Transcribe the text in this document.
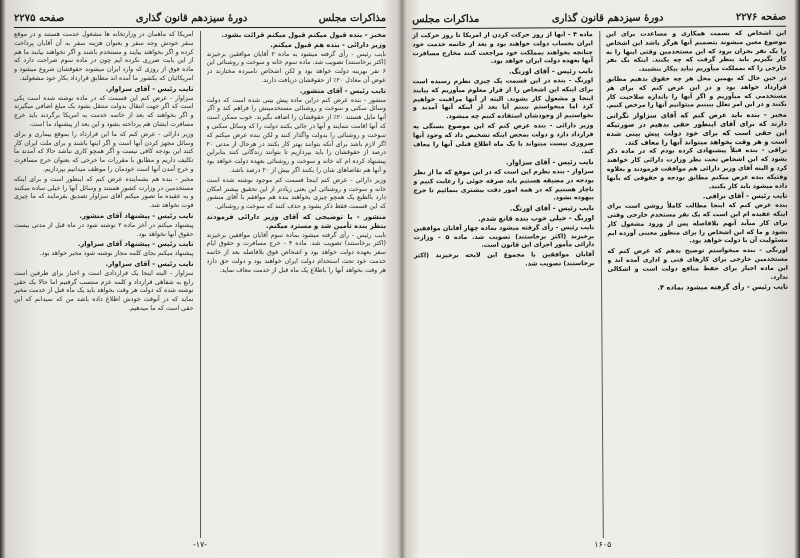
مذاکرات مجلس
دورهٔ سیزدهم قانون گذاری
صفحه ۲۲۷۵

مخبر - بنده قبول میکنم قبول میکنم قرائت بشود.

وزیر دارائی - بنده هم قبول میکنم.

نایب رئیس - رأی گرفته میشود به ماده ۲ آقایان موافقین برخیزند (اکثر برخاستند) تصویب شد. ماده سوم خانه و سوخت و روشنائی این ۶ نفر بهزینه دولت خواهد بود و لکن اشخاص نامبرده مختارند در عوض آن معادل ۲۰٪ از حقوقشان دریافت دارند.

نایب رئیس - آقای منشور.

منشور - بنده عرض کنم دراین ماده پیش بینی شده است که دولت وسائل سکنی و سوخت و روشنائی مستخدمینش را فراهم کند و اگر آنها مایل هستند ۲۰٪ از حقوقشان را اضافه بگیرند. خوب ممکن است که آنها اقامت ننمایند و آنها در جائی بکنند دولت را که وسائل سکنی و سوخت و روشنائی را بدولت واگذار کنند و لکن بنده عرض میکنم که اگر لازم باشد برای آنکه بتوانند بهتر کار بکنند در هرحال از مدتی ۲۰ درصد از حقوقشان را باید بپردازیم تا بتوانند زندگانی کنند بنابراین پیشنهاد کرده ام که خانه و سوخت و روشنائی بعهده دولت خواهد بود و آنها هم تقاضاهای شان را بکنند اگر بیش از ۲۰ درصد باشد.

وزیر دارائی - عرض کنم اینجا قسمت کم موجود نوشته شده است خانه و سوخت و روشنائی این بعنی زیادتر از این تحقیق بیشتر امکان دارد بالطبع یک همچو چیزی بخواهند بنده هم موافقم با آقای منشور که این قسمت فقط ذکر بشود و حذف کنند که سوخت و روشنائی.

منشور - با توضیحی که آقای وزیر دارائی فرمودند بنظر بنده تأمین شد و مسترد میکنم.

نایب رئیس - رأی گرفته میشود بماده سوم آقایان موافقین برخیزند (اکثر برخاستند) تصویب شد. ماده ۴ - خرج مسافرت و حقوق ایام سفر بعهده دولت خواهد بود و اشخاص فوق بلافاصله بعد از خاتمه خدمت خود تحت استخدام دولت ایران خواهند بود و دولت حق دارد هر وقت بخواهد آنها را باطلاع یک ماه قبل از خدمت معاف نماید.

امریکا که ماهمان در وزارتخانه ها مشغول خدمت هستند و در موقع سفر خودش وجه سفر و بعنوان هزینه سفر به آن آقایان پرداخت کرده و اگر بخواهند بیایند و مستخدم باشند و اگر نخواهند بیایند ما هم از این بابت ضرری نکرده ایم چون در ماده سوم صراحت دارد که ماده فوق از روزی که وارد ایران میشوند حقوقشان شروع میشود و امریکائیان که بکشور ما آمده اند مطابق قرارداد بکار خود مشغولند.

نایب رئیس - آقای سزاوار.

سزاوار - عرض کنم این قسمت که در ماده نوشته شده است یکی است که اگر جهت انتقال بدولت منتقل بشود یک مبلغ اضافی میگیرند و اگر بخواهند که بعد از خاتمه خدمت به امریکا برگردند باید خرج مسافرت ایشان هم پرداخته بشود و این بعد از پیشنهاد ما است.

وزیر دارائی - عرض کنم که ما این قرارداد را بموقع بیماری و برای وسائل مجهز کردن آنها است و اگر اینها باشند و برای ملت ایران کار کنند این بودجه کافی نیست و اگر همچو کاری نباشد حالا که آمدند ما تکلیف داریم و مطابق با مقررات ما خرجی که بعنوان خرج مسافرت و خرج آمدن آنها است خودمان را موظف میدانیم بپردازیم.

مخبر - بنده هم بشماینده عرض کنم که اینطور است و برای اینکه مستخدمین در وزارت کشور هستند و وسائل آنها را خیلی ساده میکنند و به عقیده ما تصور میکنم آقای سزاوار تصدیق بفرمایند که ما چیزی فوت نخواهد شد.

نایب رئیس - پیشنهاد آقای منشور.

پیشنهاد میکنم در آخر ماده ۲ نوشته شود در ماه قبل از مدتی بیست حقوق آنها نخواهد بود.

نایب رئیس - پیشنهاد آقای سزاوار.

پیشنهاد میکنم بجای کلمه مجاز نوشته شود مخبر خواهد بود.

نایب رئیس - آقای سزاوار.

سزاوار - البته اینجا یک قراردادی است و اجبار برای طرفین است رابع به شفاهی قرارداد و کلمه عزم منتسب گرفتیم اما حالا یک حقی نوشته شده که دولت هر وقت بخواهد باید یک ماه قبل از خدمت مخبر نماید که در آنوقت خودش اطلاع داده باشد من که نمیدانم که این حقی است که ما میدهیم.

-۱۷-
صفحه ۲۲۷۶
دورهٔ سیزدهم قانون گذاری
مذاکرات مجلس

این اشخاص که بسمت همکاری و مساعدت برای این موضوع معین میشوند بتصمیم آنها هرگز باشد این اشخاص را یک نفر بحران برود که این مستخدمین وقتی اینها را به کار بگیریم باید بنظر گرفت که چه بکنند. اینکه یک نفر خارجی را که بمملکت میآوریم نباید بیکار بنشیند.

در حین حال که بهمین محل هر چه حقوق بدهیم مطابق قرارداد خواهد بود و در این عرض کنم که برای هر مستخدمی که میآوریم و اگر آنها را باندازه صلاحیت کار نکنند و در این امر تعلل ببینیم میتوانیم آنها را مرخص کنیم.

مخبر - بنده باید عرض کنم که آقای سزاوار نگرانی دارند که برای آقای اینطور حقی بدهیم در صورتیکه این حقی است که برای خود دولت پیش بینی شده است و هر وقت بخواهد میتواند آنها را معاف کند.

نراقی - بنده قبلاً پیشنهادی کرده بودم که در ماده ذکر بشود که این اشخاص تحت نظر وزارت دارائی کار خواهند کرد و البته آقای وزیر دارائی هم موافقت فرمودند و بعلاوه وقتیکه بنده عرض میکنم مطابق بودجه و حقوقی که بآنها داده میشود باید کار بکنند.

نایب رئیس - آقای نراقی.

بنده عرض کنم که اینجا مطالب کاملاً روشن است برای اینکه عقیده ام این است که یک نفر مستخدم خارجی وقتی برای کار میآید آنهم بلافاصله پس از ورود مشغول کار بشود و ما که این اشخاص را برای منظور معینی آورده ایم مسئولیت آن با دولت خواهد بود.

اورنگی - بنده میخواستم توضیح بدهم که عرض کنم که مستخدمین خارجی برای کارهای فنی و اداری آمده اند و این ماده اجبار برای حفظ منافع دولت است و اشکالی ندارد.

نایب رئیس - رأی گرفته میشود بماده ۴.

ماده ۴ - آنها از روز حرکت کردن از آمریکا تا روز حرکت از ایران بحساب دولت خواهند بود و بعد از خاتمه خدمت خود چنانچه بخواهند بمملکت خود مراجعت کنند مخارج مسافرت آنها بعهده دولت ایران خواهد بود.

نایب رئیس - آقای اورنگ.

اورنگ - بنده در این قسمت یک چیزی نظرم رسیده است برای اینکه این اشخاص را از قرار معلوم میآوریم که بیایند اینجا و مشغول کار بشوند. البته از آنها مراقبت خواهیم کرد اما میخواستم ببینم آیا بعد از اینکه آنها آمدند و نخواستیم از وجودشان استفاده کنیم چه میشود.

وزیر دارائی - بنده عرض کنم که این موضوع بستگی به قرارداد دارد و دولت بمحض اینکه تشخیص داد که وجود آنها ضروری نیست میتواند با یک ماه اطلاع قبلی آنها را معاف کند.

نایب رئیس - آقای سزاوار.

سزاوار - بنده نظرم این است که در این موقع که ما از نظر بودجه در مضیقه هستیم باید صرفه جوئی را رعایت کنیم و ناچار هستیم که در همه امور دقت بیشتری بنمائیم تا خرج بیهوده نشود.

نایب رئیس - آقای اورنگ.

اورنگ - خیلی خوب بنده قانع شدم.

نایب رئیس - رأی گرفته میشود بماده چهار آقایان موافقین برخیزند (اکثر برخاستند) تصویب شد. ماده ۵ - وزارت دارائی مأمور اجرای این قانون است.

آقایان موافقین با مجموع این لایحه برخیزند (اکثر برخاستند) تصویب شد.

۱۶۰۵
